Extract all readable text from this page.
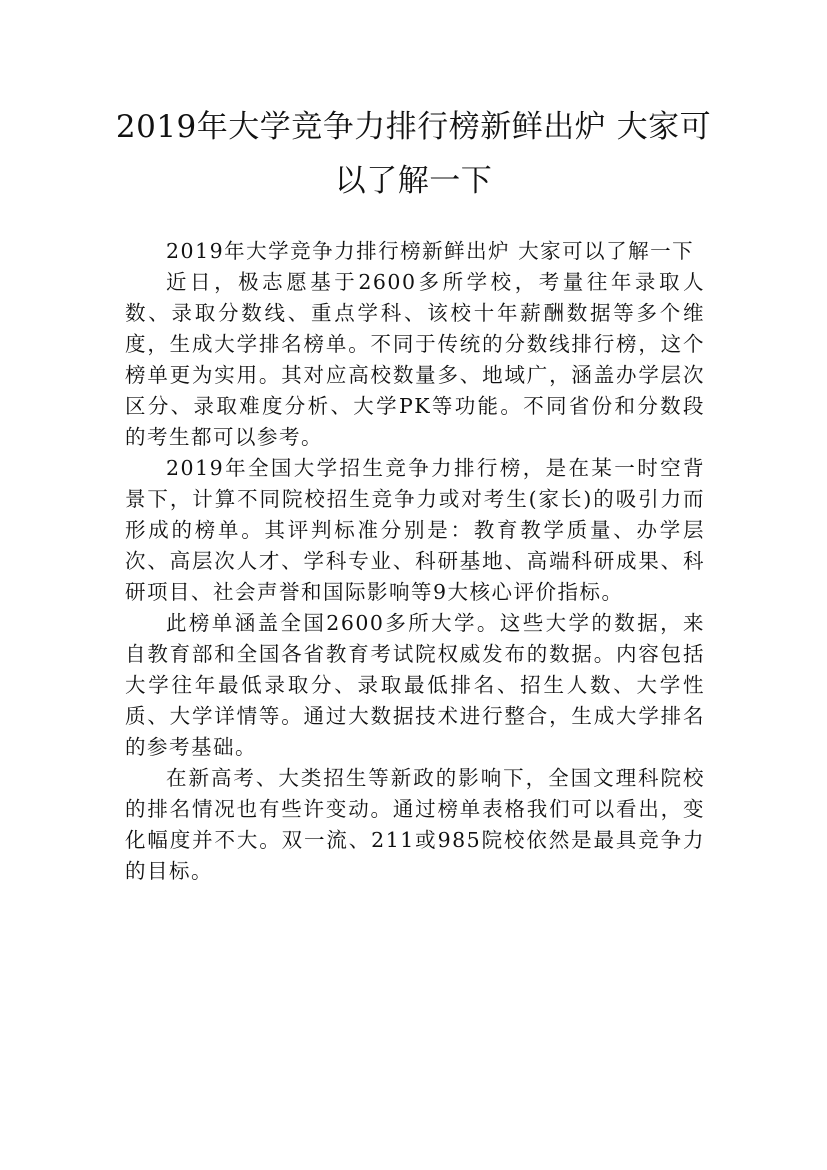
2019年大学竞争力排行榜新鲜出炉 大家可以了解一下

2019年大学竞争力排行榜新鲜出炉 大家可以了解一下

近日，极志愿基于2600多所学校，考量往年录取人数、录取分数线、重点学科、该校十年薪酬数据等多个维度，生成大学排名榜单。不同于传统的分数线排行榜，这个榜单更为实用。其对应高校数量多、地域广，涵盖办学层次区分、录取难度分析、大学PK等功能。不同省份和分数段的考生都可以参考。

2019年全国大学招生竞争力排行榜，是在某一时空背景下，计算不同院校招生竞争力或对考生(家长)的吸引力而形成的榜单。其评判标准分别是：教育教学质量、办学层次、高层次人才、学科专业、科研基地、高端科研成果、科研项目、社会声誉和国际影响等9大核心评价指标。

此榜单涵盖全国2600多所大学。这些大学的数据，来自教育部和全国各省教育考试院权威发布的数据。内容包括大学往年最低录取分、录取最低排名、招生人数、大学性质、大学详情等。通过大数据技术进行整合，生成大学排名的参考基础。

在新高考、大类招生等新政的影响下，全国文理科院校的排名情况也有些许变动。通过榜单表格我们可以看出，变化幅度并不大。双一流、211或985院校依然是最具竞争力的目标。
